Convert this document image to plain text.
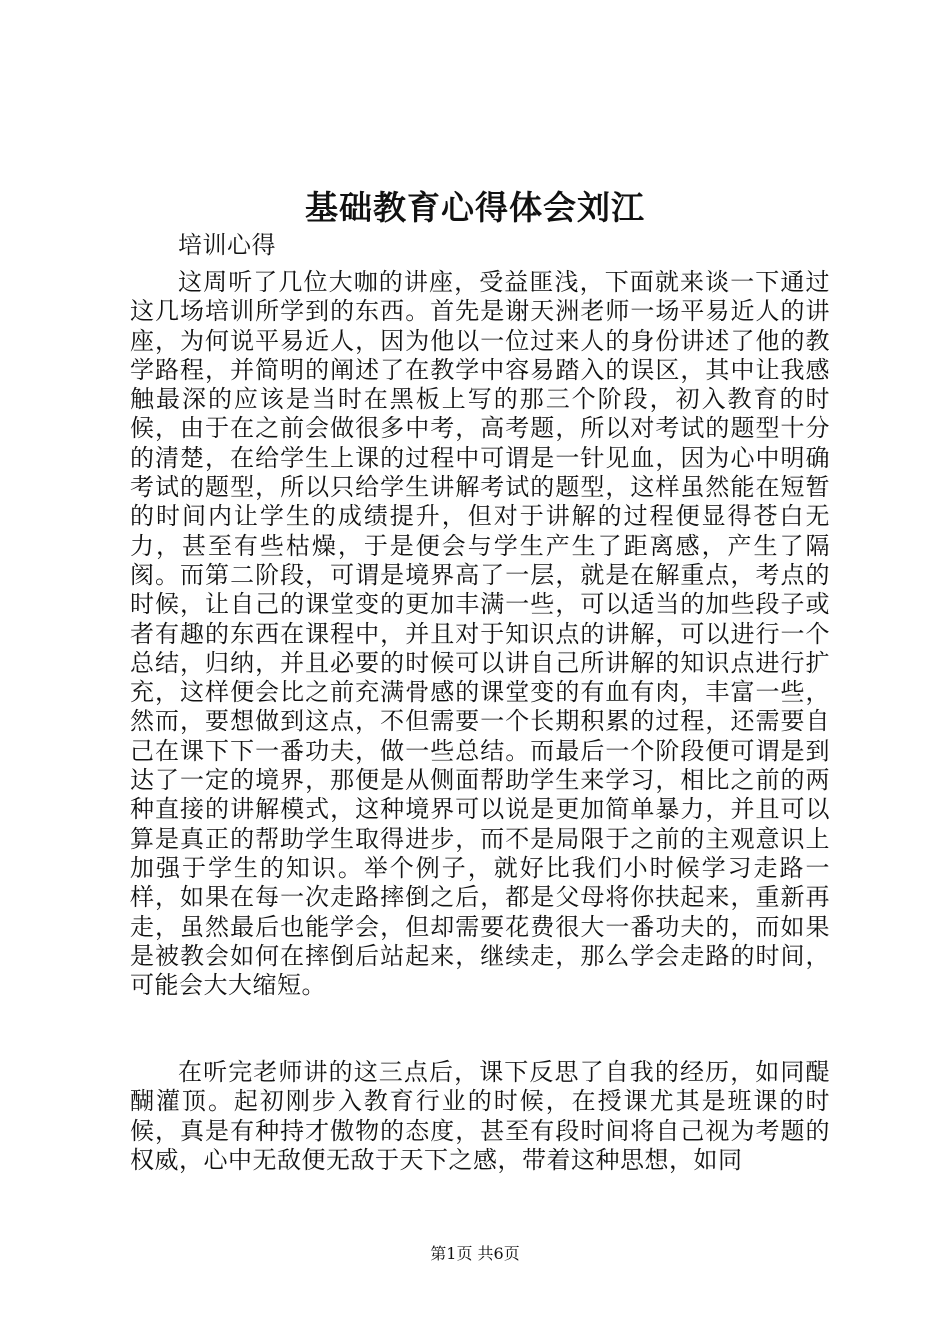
基础教育心得体会刘江
培训心得

这周听了几位大咖的讲座，受益匪浅，下面就来谈一下通过这几场培训所学到的东西。首先是谢天洲老师一场平易近人的讲座，为何说平易近人，因为他以一位过来人的身份讲述了他的教学路程，并简明的阐述了在教学中容易踏入的误区，其中让我感触最深的应该是当时在黑板上写的那三个阶段，初入教育的时候，由于在之前会做很多中考，高考题，所以对考试的题型十分的清楚，在给学生上课的过程中可谓是一针见血，因为心中明确考试的题型，所以只给学生讲解考试的题型，这样虽然能在短暂的时间内让学生的成绩提升，但对于讲解的过程便显得苍白无力，甚至有些枯燥，于是便会与学生产生了距离感，产生了隔阂。而第二阶段，可谓是境界高了一层，就是在解重点，考点的时候，让自己的课堂变的更加丰满一些，可以适当的加些段子或者有趣的东西在课程中，并且对于知识点的讲解，可以进行一个总结，归纳，并且必要的时候可以讲自己所讲解的知识点进行扩充，这样便会比之前充满骨感的课堂变的有血有肉，丰富一些，然而，要想做到这点，不但需要一个长期积累的过程，还需要自己在课下下一番功夫，做一些总结。而最后一个阶段便可谓是到达了一定的境界，那便是从侧面帮助学生来学习，相比之前的两种直接的讲解模式，这种境界可以说是更加简单暴力，并且可以算是真正的帮助学生取得进步，而不是局限于之前的主观意识上加强于学生的知识。举个例子，就好比我们小时候学习走路一样，如果在每一次走路摔倒之后，都是父母将你扶起来，重新再走，虽然最后也能学会，但却需要花费很大一番功夫的，而如果是被教会如何在摔倒后站起来，继续走，那么学会走路的时间，可能会大大缩短。

在听完老师讲的这三点后，课下反思了自我的经历，如同醍醐灌顶。起初刚步入教育行业的时候，在授课尤其是班课的时候，真是有种持才傲物的态度，甚至有段时间将自己视为考题的权威，心中无敌便无敌于天下之感，带着这种思想，如同

第1页 共6页
